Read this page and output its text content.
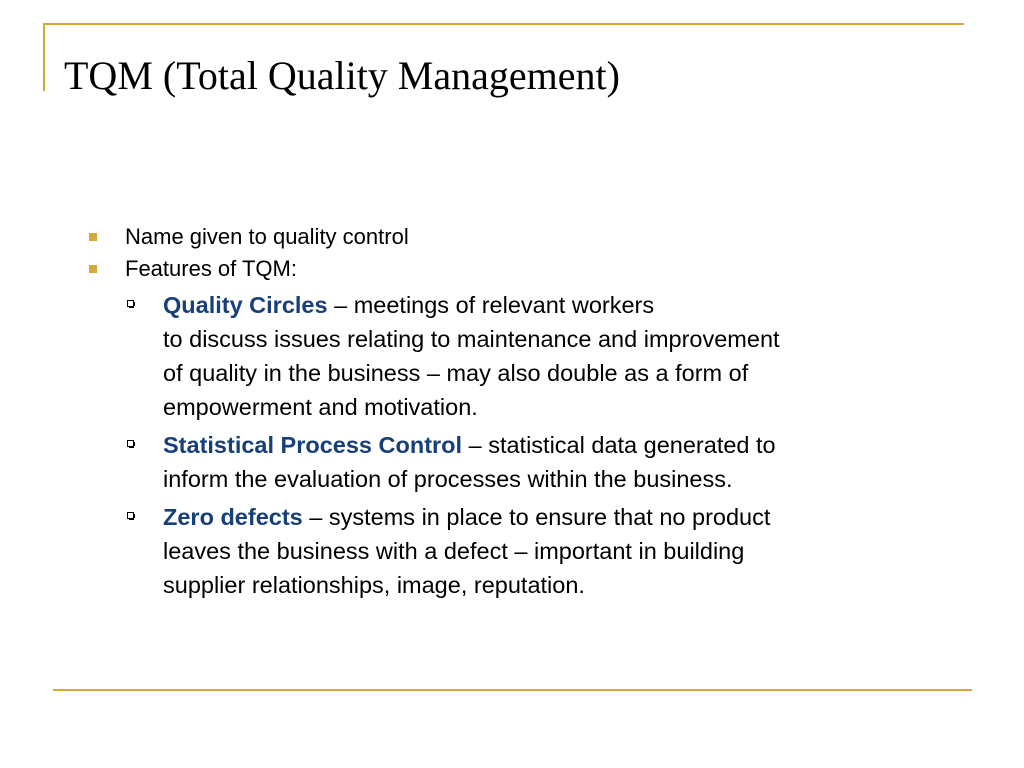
TQM (Total Quality Management)
Name given to quality control
Features of TQM:
Quality Circles – meetings of relevant workers
to discuss issues relating to maintenance and improvement
of quality in the business – may also double as a form of
empowerment and motivation.
Statistical Process Control – statistical data generated to
inform the evaluation of processes within the business.
Zero defects – systems in place to ensure that no product
leaves the business with a defect – important in building
supplier relationships, image, reputation.
